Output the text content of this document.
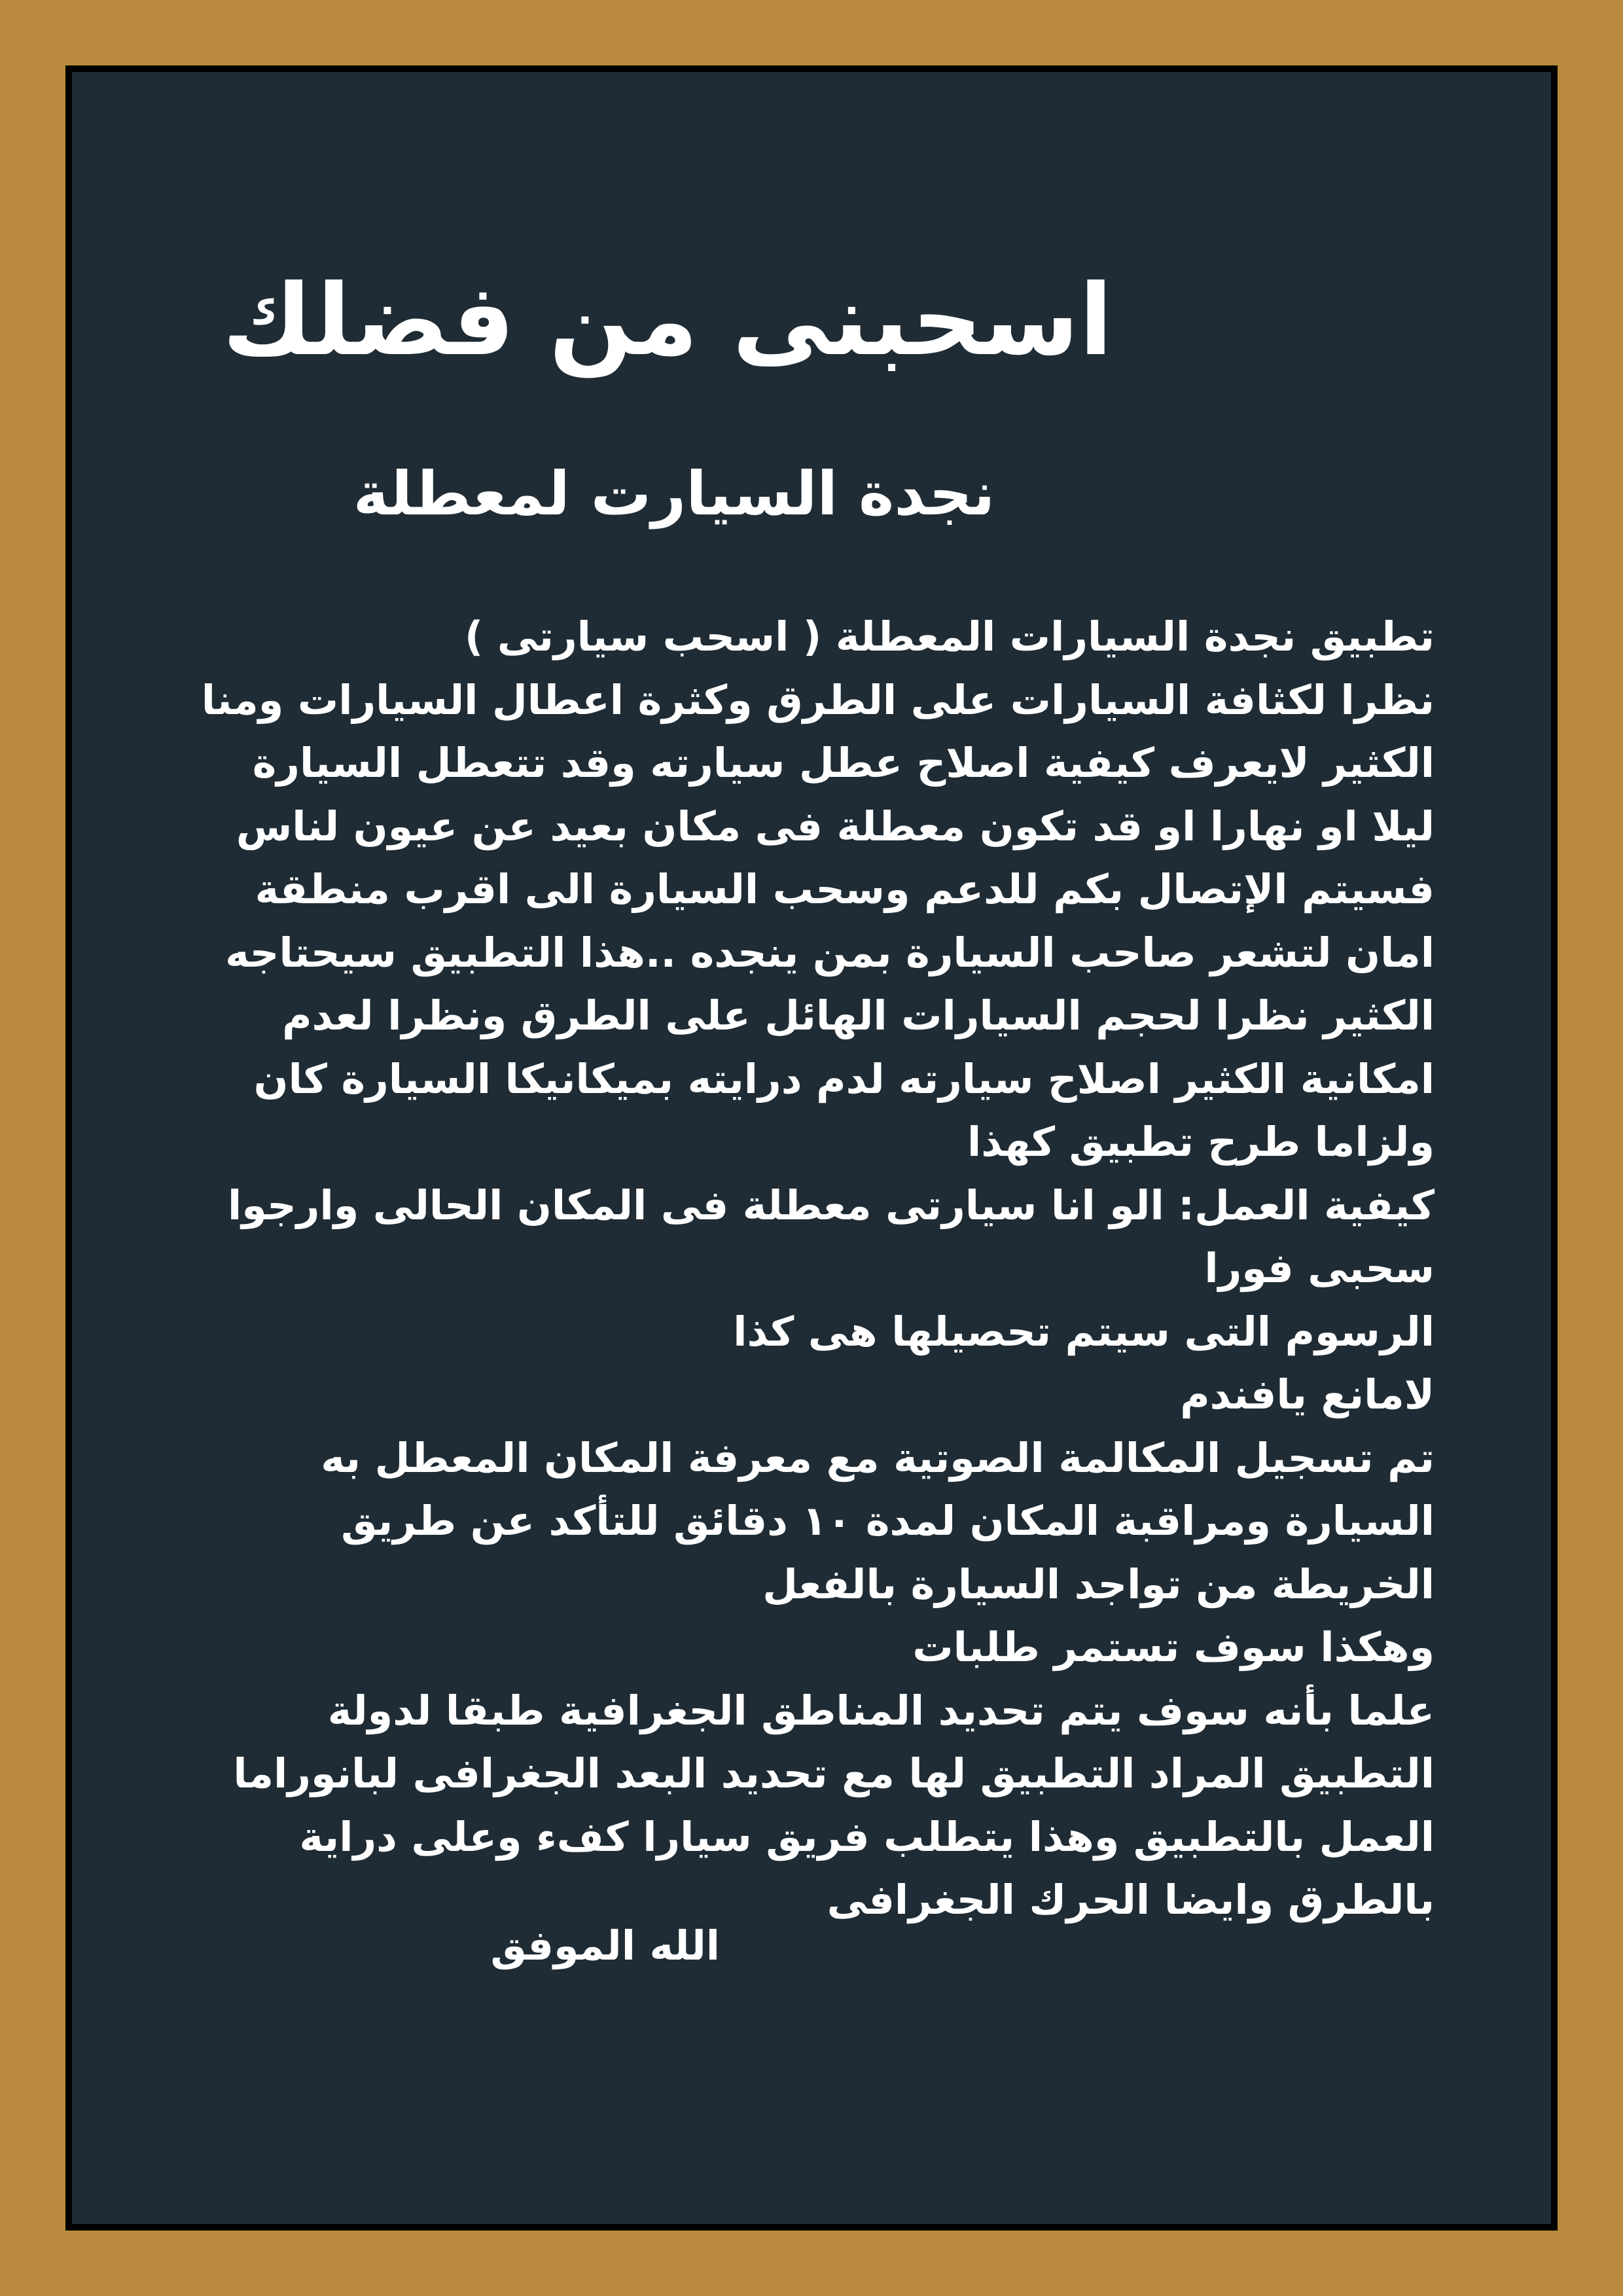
اسحبنى من فضلك
نجدة السيارت لمعطلة
تطبيق نجدة السيارات المعطلة ( اسحب سيارتى )
نظرا لكثافة السيارات على الطرق وكثرة اعطال السيارات ومنا
الكثير لايعرف كيفية اصلاح عطل سيارته وقد تتعطل السيارة
ليلا او نهارا او قد تكون معطلة فى مكان بعيد عن عيون لناس
فسيتم الإتصال بكم للدعم وسحب السيارة الى اقرب منطقة
امان لتشعر صاحب السيارة بمن ينجده ..هذا التطبيق سيحتاجه
الكثير نظرا لحجم السيارات الهائل على الطرق ونظرا لعدم
امكانية الكثير اصلاح سيارته لدم درايته بميكانيكا السيارة كان
ولزاما طرح تطبيق كهذا
كيفية العمل: الو انا سيارتى معطلة فى المكان الحالى وارجوا
سحبى فورا
الرسوم التى سيتم تحصيلها هى كذا
لامانع يافندم
تم تسجيل المكالمة الصوتية مع معرفة المكان المعطل به
السيارة ومراقبة المكان لمدة ١٠ دقائق للتأكد عن طريق
الخريطة من تواجد السيارة بالفعل
وهكذا سوف تستمر طلبات
علما بأنه سوف يتم تحديد المناطق الجغرافية طبقا لدولة
التطبيق المراد التطبيق لها مع تحديد البعد الجغرافى لبانوراما
العمل بالتطبيق وهذا يتطلب فريق سيارا كفء وعلى دراية
بالطرق وايضا الحرك الجغرافى
الله الموفق
